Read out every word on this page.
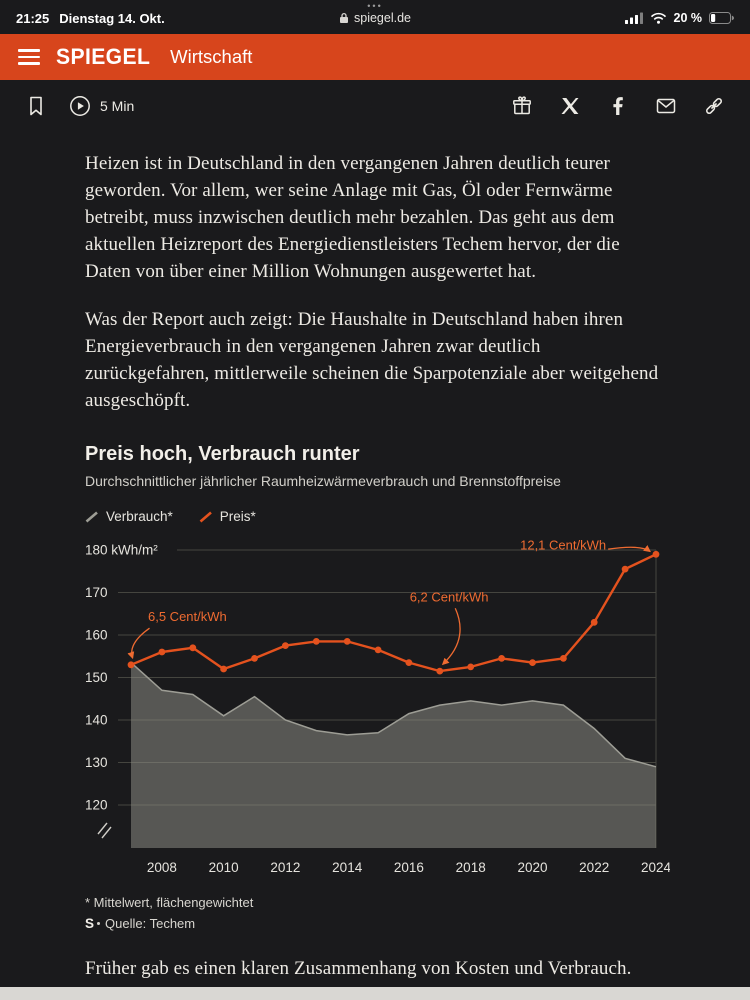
21:25 Dienstag 14. Okt.
•••
spiegel.de	20 %
SPIEGEL Wirtschaft
5 Min

Heizen ist in Deutschland in den vergangenen Jahren deutlich teurer geworden. Vor allem, wer seine Anlage mit Gas, Öl oder Fernwärme betreibt, muss inzwischen deutlich mehr bezahlen. Das geht aus dem aktuellen Heizreport des Energiedienstleisters Techem hervor, der die Daten von über einer Million Wohnungen ausgewertet hat.

Was der Report auch zeigt: Die Haushalte in Deutschland haben ihren Energieverbrauch in den vergangenen Jahren zwar deutlich zurückgefahren, mittlerweile scheinen die Sparpotenziale aber weitgehend ausgeschöpft.

Preis hoch, Verbrauch runter
Durchschnittlicher jährlicher Raumheizwärmeverbrauch und Brennstoffpreise
Verbrauch*	Preis*
120
130
140
150
160
170
180 kWh/m²
2008 2010 2012 2014 2016 2018 2020 2022 2024
6,5 Cent/kWh
6,2 Cent/kWh
12,1 Cent/kWh
* Mittelwert, flächengewichtet
S Quelle: Techem

Früher gab es einen klaren Zusammenhang von Kosten und Verbrauch.
